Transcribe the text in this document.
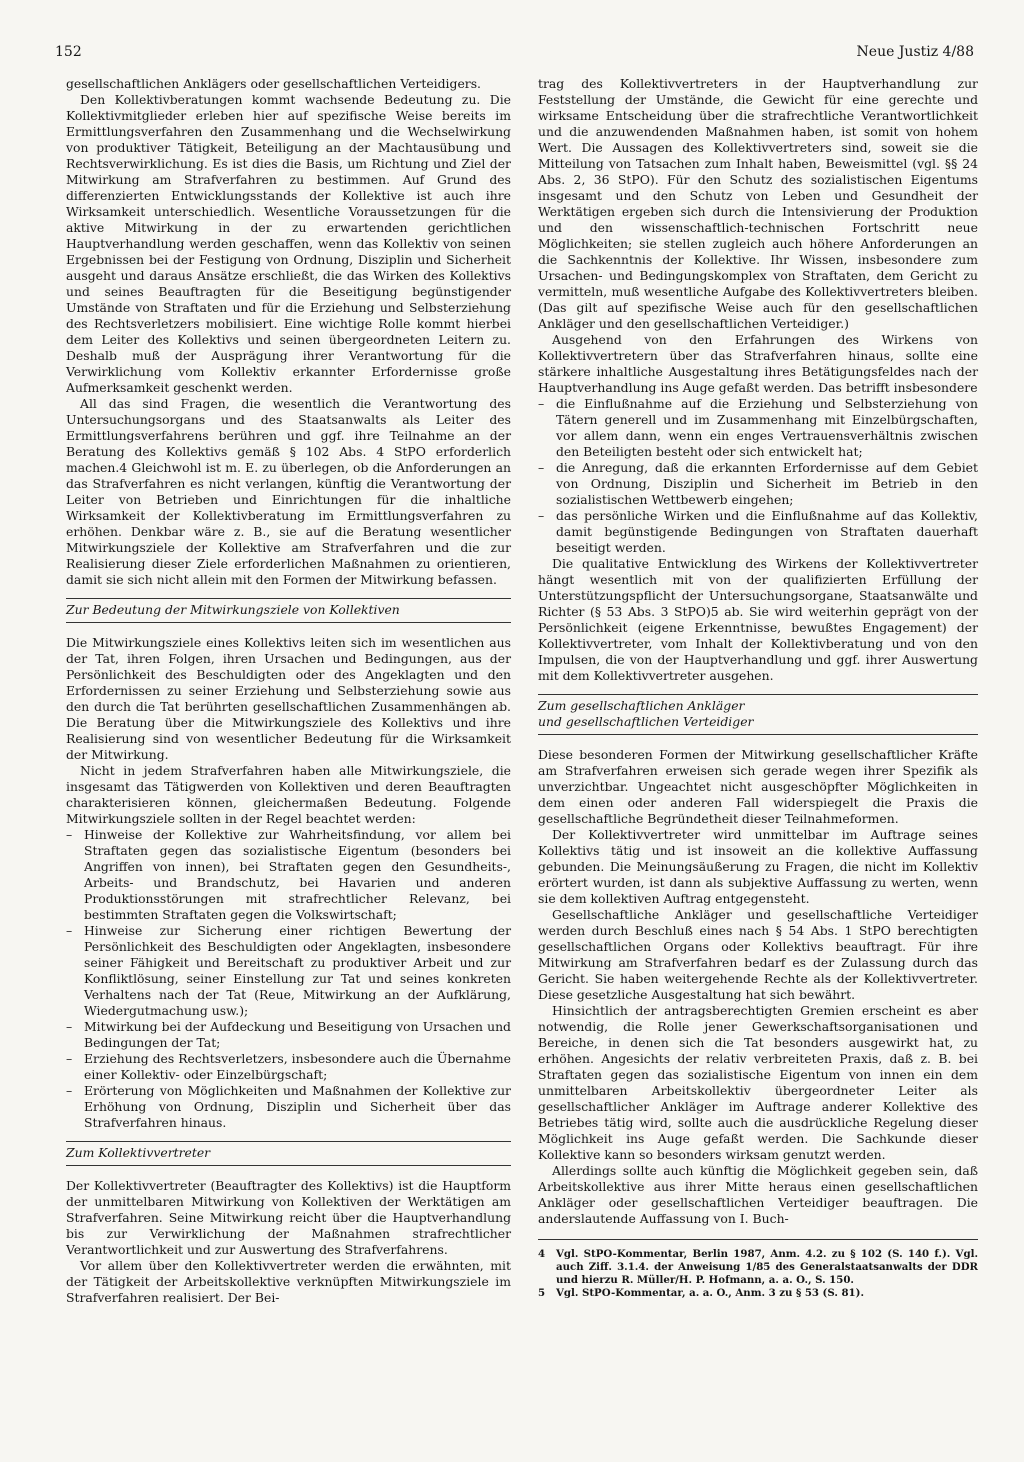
152	Neue Justiz 4/88

gesellschaftlichen Anklägers oder gesellschaftlichen Verteidigers.

Den Kollektivberatungen kommt wachsende Bedeutung zu. Die Kollektivmitglieder erleben hier auf spezifische Weise bereits im Ermittlungsverfahren den Zusammenhang und die Wechselwirkung von produktiver Tätigkeit, Beteiligung an der Machtausübung und Rechtsverwirklichung. Es ist dies die Basis, um Richtung und Ziel der Mitwirkung am Strafverfahren zu bestimmen. Auf Grund des differenzierten Entwicklungsstands der Kollektive ist auch ihre Wirksamkeit unterschiedlich. Wesentliche Voraussetzungen für die aktive Mitwirkung in der zu erwartenden gerichtlichen Hauptverhandlung werden geschaffen, wenn das Kollektiv von seinen Ergebnissen bei der Festigung von Ordnung, Disziplin und Sicherheit ausgeht und daraus Ansätze erschließt, die das Wirken des Kollektivs und seines Beauftragten für die Beseitigung begünstigender Umstände von Straftaten und für die Erziehung und Selbsterziehung des Rechtsverletzers mobilisiert. Eine wichtige Rolle kommt hierbei dem Leiter des Kollektivs und seinen übergeordneten Leitern zu. Deshalb muß der Ausprägung ihrer Verantwortung für die Verwirklichung vom Kollektiv erkannter Erfordernisse große Aufmerksamkeit geschenkt werden.

All das sind Fragen, die wesentlich die Verantwortung des Untersuchungsorgans und des Staatsanwalts als Leiter des Ermittlungsverfahrens berühren und ggf. ihre Teilnahme an der Beratung des Kollektivs gemäß § 102 Abs. 4 StPO erforderlich machen.4 Gleichwohl ist m. E. zu überlegen, ob die Anforderungen an das Strafverfahren es nicht verlangen, künftig die Verantwortung der Leiter von Betrieben und Einrichtungen für die inhaltliche Wirksamkeit der Kollektivberatung im Ermittlungsverfahren zu erhöhen. Denkbar wäre z. B., sie auf die Beratung wesentlicher Mitwirkungsziele der Kollektive am Strafverfahren und die zur Realisierung dieser Ziele erforderlichen Maßnahmen zu orientieren, damit sie sich nicht allein mit den Formen der Mitwirkung befassen.

Zur Bedeutung der Mitwirkungsziele von Kollektiven

Die Mitwirkungsziele eines Kollektivs leiten sich im wesentlichen aus der Tat, ihren Folgen, ihren Ursachen und Bedingungen, aus der Persönlichkeit des Beschuldigten oder des Angeklagten und den Erfordernissen zu seiner Erziehung und Selbsterziehung sowie aus den durch die Tat berührten gesellschaftlichen Zusammenhängen ab. Die Beratung über die Mitwirkungsziele des Kollektivs und ihre Realisierung sind von wesentlicher Bedeutung für die Wirksamkeit der Mitwirkung.

Nicht in jedem Strafverfahren haben alle Mitwirkungsziele, die insgesamt das Tätigwerden von Kollektiven und deren Beauftragten charakterisieren können, gleichermaßen Bedeutung. Folgende Mitwirkungsziele sollten in der Regel beachtet werden:

– Hinweise der Kollektive zur Wahrheitsfindung, vor allem bei Straftaten gegen das sozialistische Eigentum (besonders bei Angriffen von innen), bei Straftaten gegen den Gesundheits-, Arbeits- und Brandschutz, bei Havarien und anderen Produktionsstörungen mit strafrechtlicher Relevanz, bei bestimmten Straftaten gegen die Volkswirtschaft;
– Hinweise zur Sicherung einer richtigen Bewertung der Persönlichkeit des Beschuldigten oder Angeklagten, insbesondere seiner Fähigkeit und Bereitschaft zu produktiver Arbeit und zur Konfliktlösung, seiner Einstellung zur Tat und seines konkreten Verhaltens nach der Tat (Reue, Mitwirkung an der Aufklärung, Wiedergutmachung usw.);
– Mitwirkung bei der Aufdeckung und Beseitigung von Ursachen und Bedingungen der Tat;
– Erziehung des Rechtsverletzers, insbesondere auch die Übernahme einer Kollektiv- oder Einzelbürgschaft;
– Erörterung von Möglichkeiten und Maßnahmen der Kollektive zur Erhöhung von Ordnung, Disziplin und Sicherheit über das Strafverfahren hinaus.
Zum Kollektivvertreter

Der Kollektivvertreter (Beauftragter des Kollektivs) ist die Hauptform der unmittelbaren Mitwirkung von Kollektiven der Werktätigen am Strafverfahren. Seine Mitwirkung reicht über die Hauptverhandlung bis zur Verwirklichung der Maßnahmen strafrechtlicher Verantwortlichkeit und zur Auswertung des Strafverfahrens.

Vor allem über den Kollektivvertreter werden die erwähnten, mit der Tätigkeit der Arbeitskollektive verknüpften Mitwirkungsziele im Strafverfahren realisiert. Der Bei-

trag des Kollektivvertreters in der Hauptverhandlung zur Feststellung der Umstände, die Gewicht für eine gerechte und wirksame Entscheidung über die strafrechtliche Verantwortlichkeit und die anzuwendenden Maßnahmen haben, ist somit von hohem Wert. Die Aussagen des Kollektivvertreters sind, soweit sie die Mitteilung von Tatsachen zum Inhalt haben, Beweismittel (vgl. §§ 24 Abs. 2, 36 StPO). Für den Schutz des sozialistischen Eigentums insgesamt und den Schutz von Leben und Gesundheit der Werktätigen ergeben sich durch die Intensivierung der Produktion und den wissenschaftlich-technischen Fortschritt neue Möglichkeiten; sie stellen zugleich auch höhere Anforderungen an die Sachkenntnis der Kollektive. Ihr Wissen, insbesondere zum Ursachen- und Bedingungskomplex von Straftaten, dem Gericht zu vermitteln, muß wesentliche Aufgabe des Kollektivvertreters bleiben. (Das gilt auf spezifische Weise auch für den gesellschaftlichen Ankläger und den gesellschaftlichen Verteidiger.)

Ausgehend von den Erfahrungen des Wirkens von Kollektivvertretern über das Strafverfahren hinaus, sollte eine stärkere inhaltliche Ausgestaltung ihres Betätigungsfeldes nach der Hauptverhandlung ins Auge gefaßt werden. Das betrifft insbesondere

– die Einflußnahme auf die Erziehung und Selbsterziehung von Tätern generell und im Zusammenhang mit Einzelbürgschaften, vor allem dann, wenn ein enges Vertrauensverhältnis zwischen den Beteiligten besteht oder sich entwickelt hat;
– die Anregung, daß die erkannten Erfordernisse auf dem Gebiet von Ordnung, Disziplin und Sicherheit im Betrieb in den sozialistischen Wettbewerb eingehen;
– das persönliche Wirken und die Einflußnahme auf das Kollektiv, damit begünstigende Bedingungen von Straftaten dauerhaft beseitigt werden.

Die qualitative Entwicklung des Wirkens der Kollektivvertreter hängt wesentlich mit von der qualifizierten Erfüllung der Unterstützungspflicht der Untersuchungsorgane, Staatsanwälte und Richter (§ 53 Abs. 3 StPO)5 ab. Sie wird weiterhin geprägt von der Persönlichkeit (eigene Erkenntnisse, bewußtes Engagement) der Kollektivvertreter, vom Inhalt der Kollektivberatung und von den Impulsen, die von der Hauptverhandlung und ggf. ihrer Auswertung mit dem Kollektivvertreter ausgehen.

Zum gesellschaftlichen Ankläger
und gesellschaftlichen Verteidiger

Diese besonderen Formen der Mitwirkung gesellschaftlicher Kräfte am Strafverfahren erweisen sich gerade wegen ihrer Spezifik als unverzichtbar. Ungeachtet nicht ausgeschöpfter Möglichkeiten in dem einen oder anderen Fall widerspiegelt die Praxis die gesellschaftliche Begründetheit dieser Teilnahmeformen.

Der Kollektivvertreter wird unmittelbar im Auftrage seines Kollektivs tätig und ist insoweit an die kollektive Auffassung gebunden. Die Meinungsäußerung zu Fragen, die nicht im Kollektiv erörtert wurden, ist dann als subjektive Auffassung zu werten, wenn sie dem kollektiven Auftrag entgegensteht.

Gesellschaftliche Ankläger und gesellschaftliche Verteidiger werden durch Beschluß eines nach § 54 Abs. 1 StPO berechtigten gesellschaftlichen Organs oder Kollektivs beauftragt. Für ihre Mitwirkung am Strafverfahren bedarf es der Zulassung durch das Gericht. Sie haben weitergehende Rechte als der Kollektivvertreter. Diese gesetzliche Ausgestaltung hat sich bewährt.

Hinsichtlich der antragsberechtigten Gremien erscheint es aber notwendig, die Rolle jener Gewerkschaftsorganisationen und Bereiche, in denen sich die Tat besonders ausgewirkt hat, zu erhöhen. Angesichts der relativ verbreiteten Praxis, daß z. B. bei Straftaten gegen das sozialistische Eigentum von innen ein dem unmittelbaren Arbeitskollektiv übergeordneter Leiter als gesellschaftlicher Ankläger im Auftrage anderer Kollektive des Betriebes tätig wird, sollte auch die ausdrückliche Regelung dieser Möglichkeit ins Auge gefaßt werden. Die Sachkunde dieser Kollektive kann so besonders wirksam genutzt werden.

Allerdings sollte auch künftig die Möglichkeit gegeben sein, daß Arbeitskollektive aus ihrer Mitte heraus einen gesellschaftlichen Ankläger oder gesellschaftlichen Verteidiger beauftragen. Die anderslautende Auffassung von I. Buch-

4 Vgl. StPO-Kommentar, Berlin 1987, Anm. 4.2. zu § 102 (S. 140 f.). Vgl. auch Ziff. 3.1.4. der Anweisung 1/85 des Generalstaatsanwalts der DDR und hierzu R. Müller/H. P. Hofmann, a. a. O., S. 150.
5 Vgl. StPO-Kommentar, a. a. O., Anm. 3 zu § 53 (S. 81).
